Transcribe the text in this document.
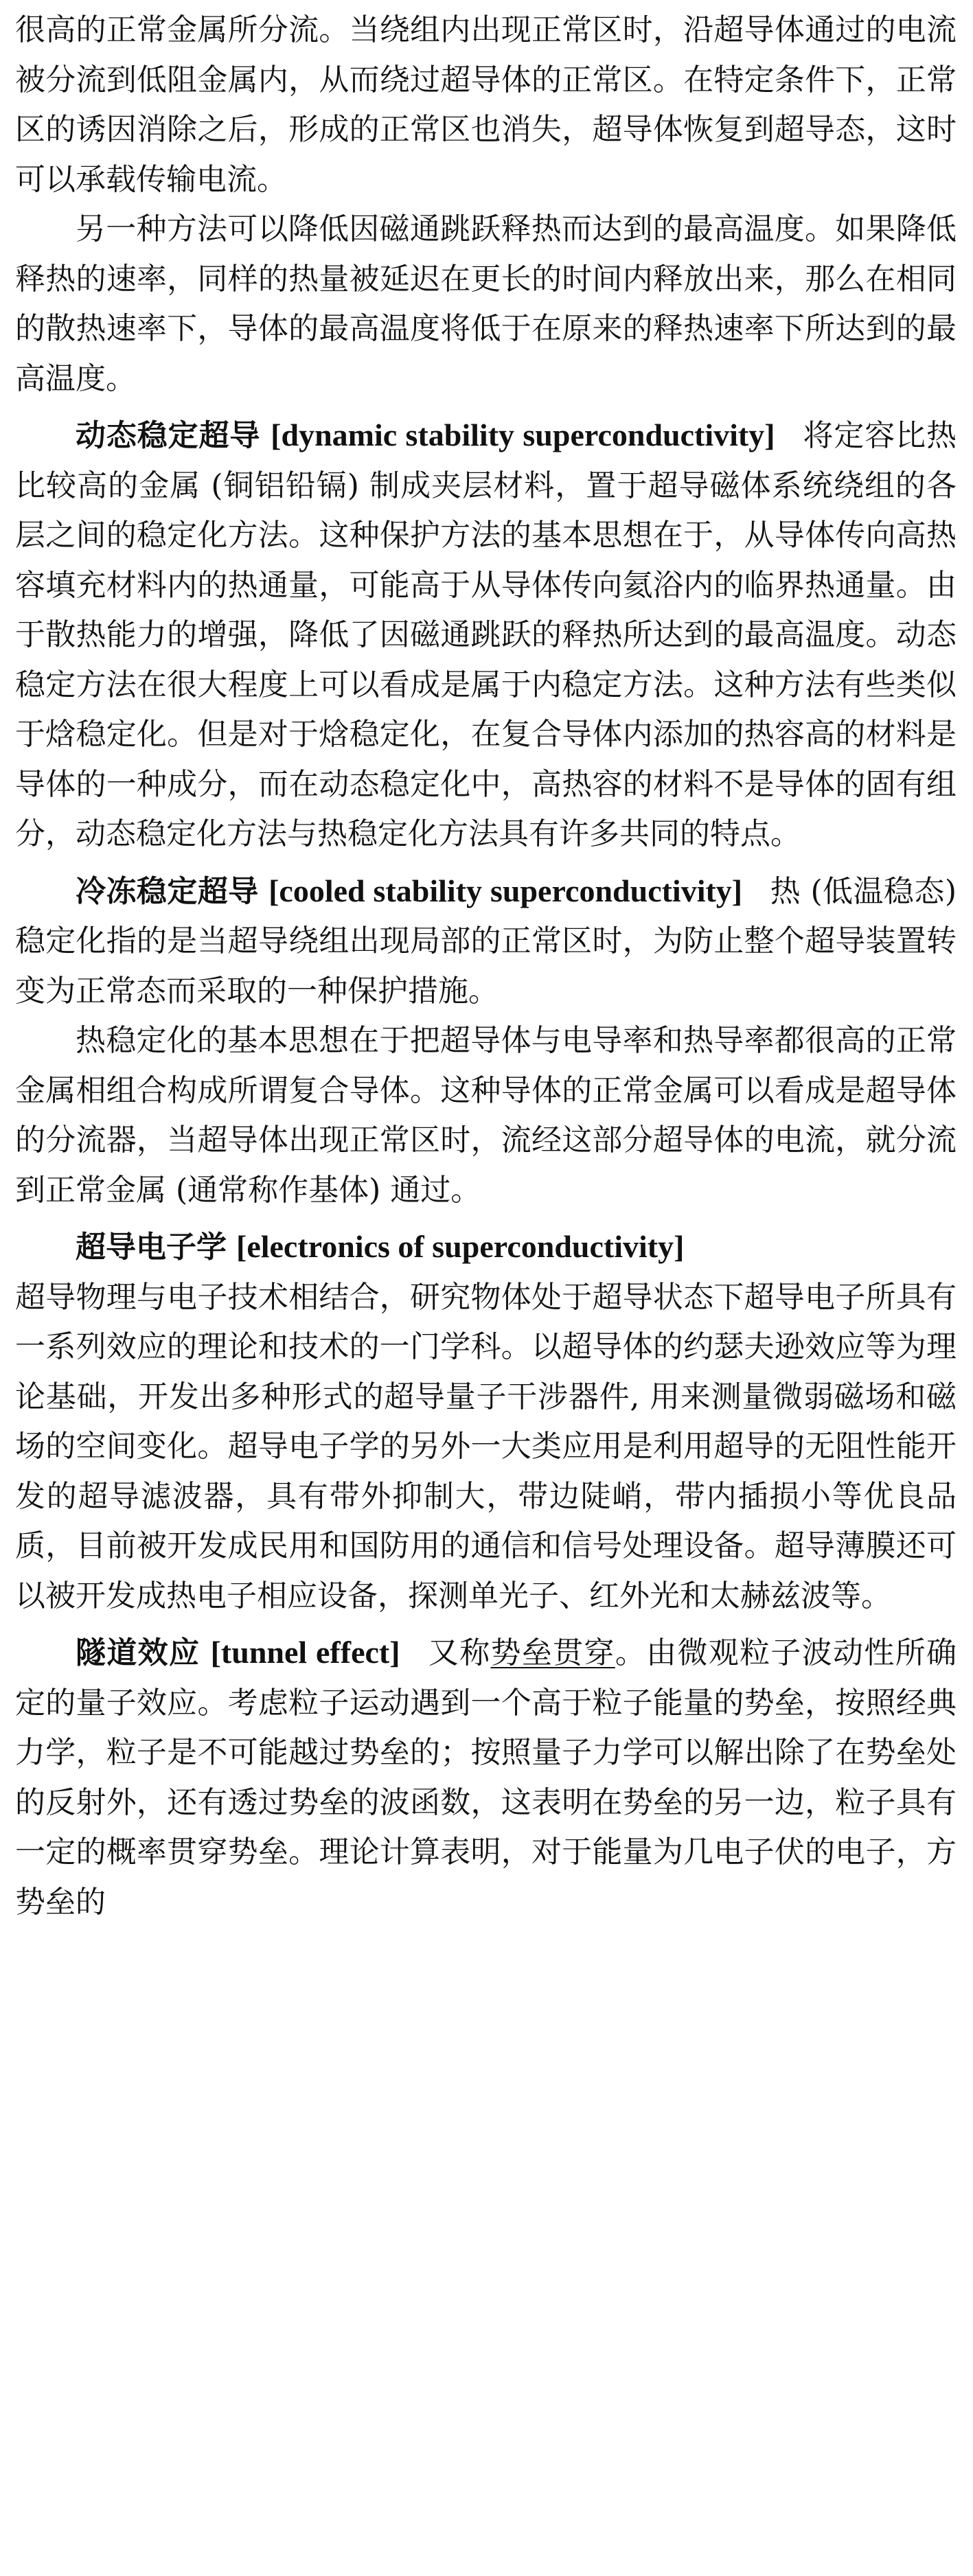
很高的正常金属所分流。当绕组内出现正常区时，沿超导体通过的电流被分流到低阻金属内，从而绕过超导体的正常区。在特定条件下，正常区的诱因消除之后，形成的正常区也消失，超导体恢复到超导态，这时可以承载传输电流。

另一种方法可以降低因磁通跳跃释热而达到的最高温度。如果降低释热的速率，同样的热量被延迟在更长的时间内释放出来，那么在相同的散热速率下，导体的最高温度将低于在原来的释热速率下所达到的最高温度。

动态稳定超导 [dynamic stability superconductivity] 将定容比热比较高的金属 (铜铝铅镉) 制成夹层材料，置于超导磁体系统绕组的各层之间的稳定化方法。这种保护方法的基本思想在于，从导体传向高热容填充材料内的热通量，可能高于从导体传向氦浴内的临界热通量。由于散热能力的增强，降低了因磁通跳跃的释热所达到的最高温度。动态稳定方法在很大程度上可以看成是属于内稳定方法。这种方法有些类似于焓稳定化。但是对于焓稳定化，在复合导体内添加的热容高的材料是导体的一种成分，而在动态稳定化中，高热容的材料不是导体的固有组分，动态稳定化方法与热稳定化方法具有许多共同的特点。

冷冻稳定超导 [cooled stability superconductivity] 热 (低温稳态) 稳定化指的是当超导绕组出现局部的正常区时，为防止整个超导装置转变为正常态而采取的一种保护措施。

热稳定化的基本思想在于把超导体与电导率和热导率都很高的正常金属相组合构成所谓复合导体。这种导体的正常金属可以看成是超导体的分流器，当超导体出现正常区时，流经这部分超导体的电流，就分流到正常金属 (通常称作基体) 通过。

超导电子学 [electronics of superconductivity]
超导物理与电子技术相结合，研究物体处于超导状态下超导电子所具有一系列效应的理论和技术的一门学科。以超导体的约瑟夫逊效应等为理论基础，开发出多种形式的超导量子干涉器件, 用来测量微弱磁场和磁场的空间变化。超导电子学的另外一大类应用是利用超导的无阻性能开发的超导滤波器，具有带外抑制大，带边陡峭，带内插损小等优良品质，目前被开发成民用和国防用的通信和信号处理设备。超导薄膜还可以被开发成热电子相应设备，探测单光子、红外光和太赫兹波等。

隧道效应 [tunnel effect] 又称势垒贯穿。由微观粒子波动性所确定的量子效应。考虑粒子运动遇到一个高于粒子能量的势垒，按照经典力学，粒子是不可能越过势垒的；按照量子力学可以解出除了在势垒处的反射外，还有透过势垒的波函数，这表明在势垒的另一边，粒子具有一定的概率贯穿势垒。理论计算表明，对于能量为几电子伏的电子，方势垒的
